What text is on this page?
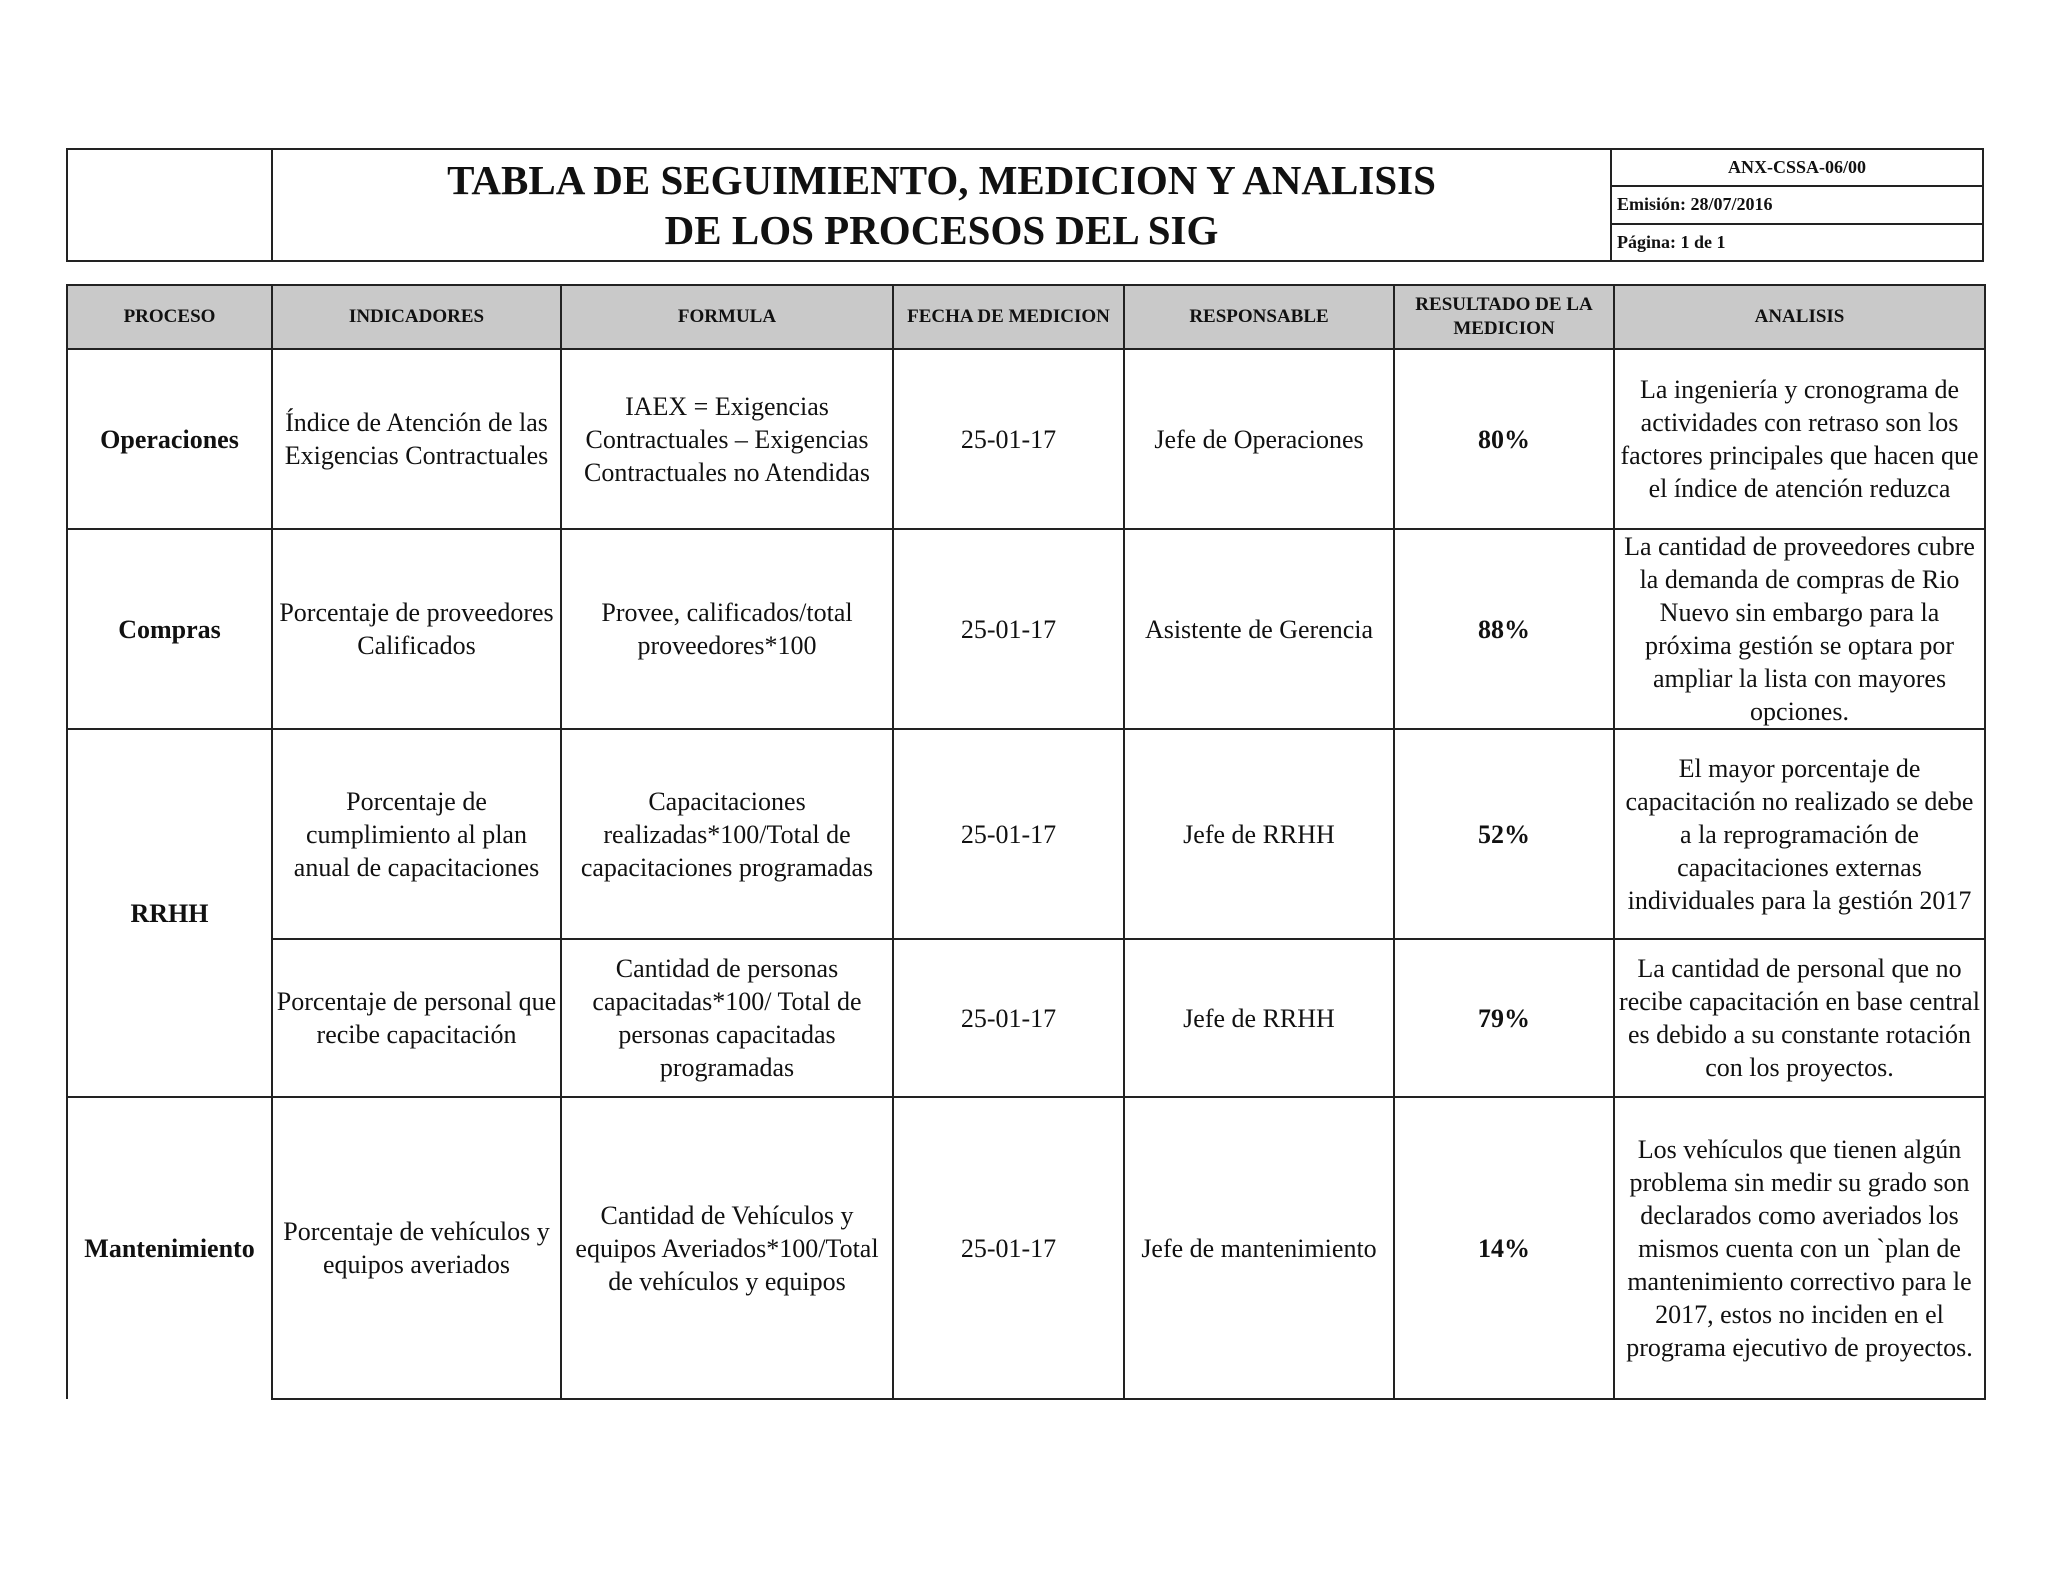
TABLA DE SEGUIMIENTO, MEDICION Y ANALISIS
DE LOS PROCESOS DEL SIG
ANX-CSSA-06/00
Emisión: 28/07/2016
Página: 1 de 1
PROCESO	INDICADORES	FORMULA	FECHA DE MEDICION	RESPONSABLE	RESULTADO DE LA MEDICION	ANALISIS
Operaciones	Índice de Atención de las Exigencias Contractuales	IAEX = Exigencias Contractuales – Exigencias Contractuales no Atendidas	25-01-17	Jefe de Operaciones	80%	La ingeniería y cronograma de actividades con retraso son los factores principales que hacen que el índice de atención reduzca
Compras	Porcentaje de proveedores Calificados	Provee, calificados/total proveedores*100	25-01-17	Asistente de Gerencia	88%	La cantidad de proveedores cubre la demanda de compras de Rio Nuevo sin embargo para la próxima gestión se optara por ampliar la lista con mayores opciones.
RRHH	Porcentaje de cumplimiento al plan anual de capacitaciones	Capacitaciones realizadas*100/Total de capacitaciones programadas	25-01-17	Jefe de RRHH	52%	El mayor porcentaje de capacitación no realizado se debe a la reprogramación de capacitaciones externas individuales para la gestión 2017
	Porcentaje de personal que recibe capacitación	Cantidad de personas capacitadas*100/ Total de personas capacitadas programadas	25-01-17	Jefe de RRHH	79%	La cantidad de personal que no recibe capacitación en base central es debido a su constante rotación con los proyectos.
Mantenimiento	Porcentaje de vehículos y equipos averiados	Cantidad de Vehículos y equipos Averiados*100/Total de vehículos y equipos	25-01-17	Jefe de mantenimiento	14%	Los vehículos que tienen algún problema sin medir su grado son declarados como averiados los mismos cuenta con un `plan de mantenimiento correctivo para le 2017, estos no inciden en el programa ejecutivo de proyectos.
